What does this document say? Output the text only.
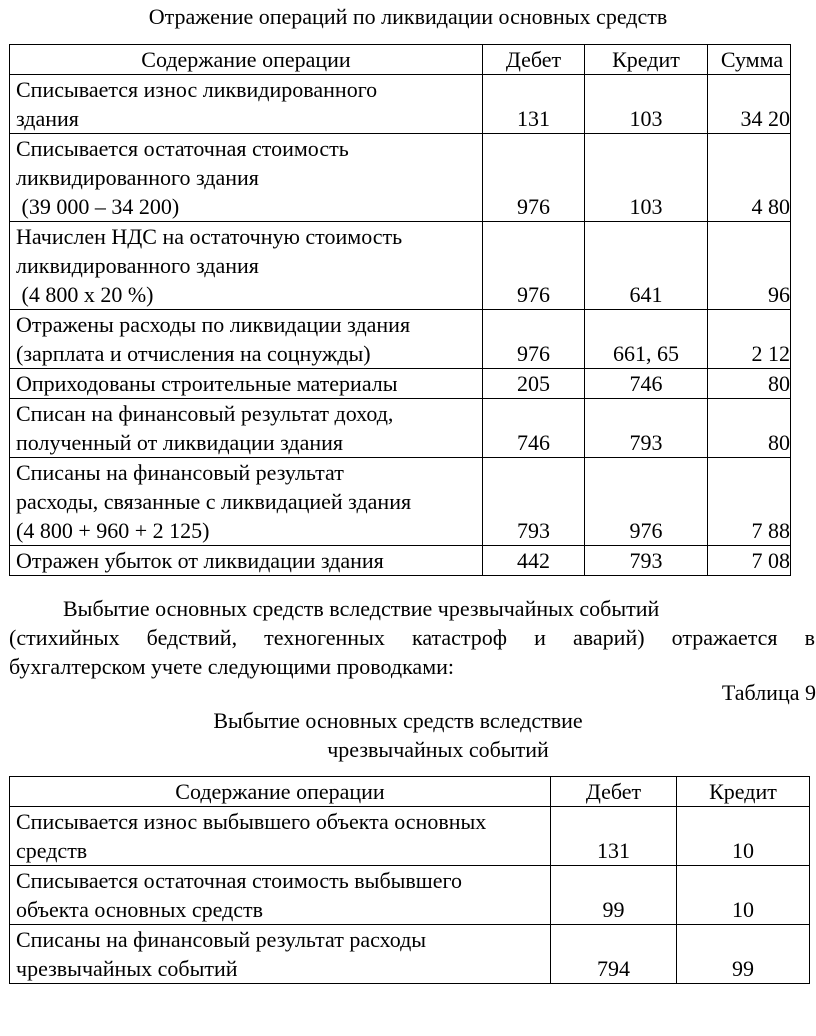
Отражение операций по ликвидации основных средств
Содержание операции	Дебет	Кредит	Сумма

Списывается износ ликвидированного
здания	131	103	34 20

Списывается остаточная стоимость
ликвидированного здания
(39 000 – 34 200)	976	103	4 80

Начислен НДС на остаточную стоимость
ликвидированного здания
(4 800 х 20 %)	976	641	96

Отражены расходы по ликвидации здания
(зарплата и отчисления на соцнужды)	976	661, 65	2 12

Оприходованы строительные материалы	205	746	80

Списан на финансовый результат доход,
полученный от ликвидации здания	746	793	80

Списаны на финансовый результат
расходы, связанные с ликвидацией здания
(4 800 + 960 + 2 125)	793	976	7 88

Отражен убыток от ликвидации здания	442	793	7 08
Выбытие основных средств вследствие чрезвычайных событий
(стихийных бедствий, техногенных катастроф и аварий) отражается в
бухгалтерском учете следующими проводками:
Таблица 9
Выбытие основных средств вследствие
чрезвычайных событий
Содержание операции	Дебет	Кредит

Списывается износ выбывшего объекта основных
средств	131	10

Списывается остаточная стоимость выбывшего
объекта основных средств	99	10

Списаны на финансовый результат расходы
чрезвычайных событий	794	99
